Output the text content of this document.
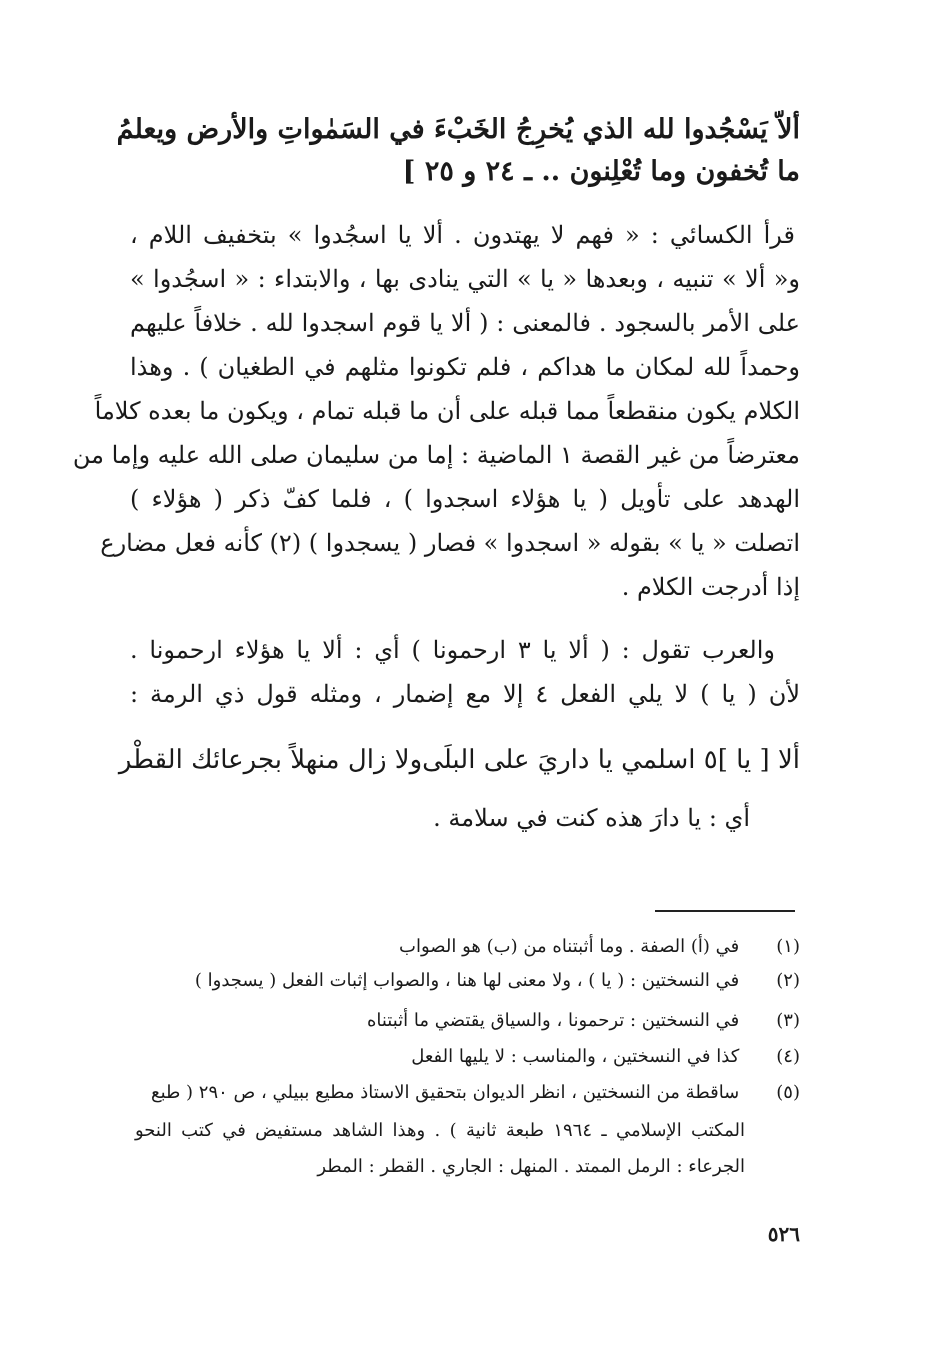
ألاّ يَسْجُدوا لله الذي يُخرِجُ الخَبْءَ في السَمٰواتِ والأرض ويعلمُ
ما تُخفون وما تُعْلِنون .. ـ ٢٤ و ٢٥ ]
قرأ الكسائي : « فهم لا يهتدون . ألا يا اسجُدوا » بتخفيف اللام ،
و« ألا » تنبيه ، وبعدها « يا » التي ينادى بها ، والابتداء : « اسجُدوا »
على الأمر بالسجود . فالمعنى : ( ألا يا قوم اسجدوا لله . خلافاً عليهم
وحمداً لله لمكان ما هداكم ، فلم تكونوا مثلهم في الطغيان ) . وهذا
الكلام يكون منقطعاً مما قبله على أن ما قبله تمام ، ويكون ما بعده كلاماً
معترضاً من غير القصة ١ الماضية : إما من سليمان صلى الله عليه وإما من
الهدهد على تأويل ( يا هؤلاء اسجدوا ) ، فلما كفّ ذكر ( هؤلاء )
اتصلت « يا » بقوله « اسجدوا » فصار ( يسجدوا ) (٢) كأنه فعل مضارع
إذا أدرجت الكلام .
والعرب تقول : ( ألا يا ٣ ارحمونا ) أي : ألا يا هؤلاء ارحمونا .
لأن ( يا ) لا يلي الفعل ٤ إلا مع إضمار ، ومثله قول ذي الرمة :
ألا [ يا ]٥ اسلمي يا داريَ على البلَى
ولا زال منهلاً بجرعائك القطْر
أي : يا دارَ هذه كنت في سلامة .
(١) في (أ) الصفة . وما أثبتناه من (ب) هو الصواب
(٢) في النسختين : ( يا ) ، ولا معنى لها هنا ، والصواب إثبات الفعل ( يسجدوا )
(٣) في النسختين : ترحمونا ، والسياق يقتضي ما أثبتناه
(٤) كذا في النسختين ، والمناسب : لا يليها الفعل
(٥) ساقطة من النسختين ، انظر الديوان بتحقيق الاستاذ مطيع ببيلي ، ص ٢٩٠ ( طبع
المكتب الإسلامي ـ ١٩٦٤ طبعة ثانية ) . وهذا الشاهد مستفيض في كتب النحو
الجرعاء : الرمل الممتد . المنهل : الجاري . القطر : المطر
٥٢٦
